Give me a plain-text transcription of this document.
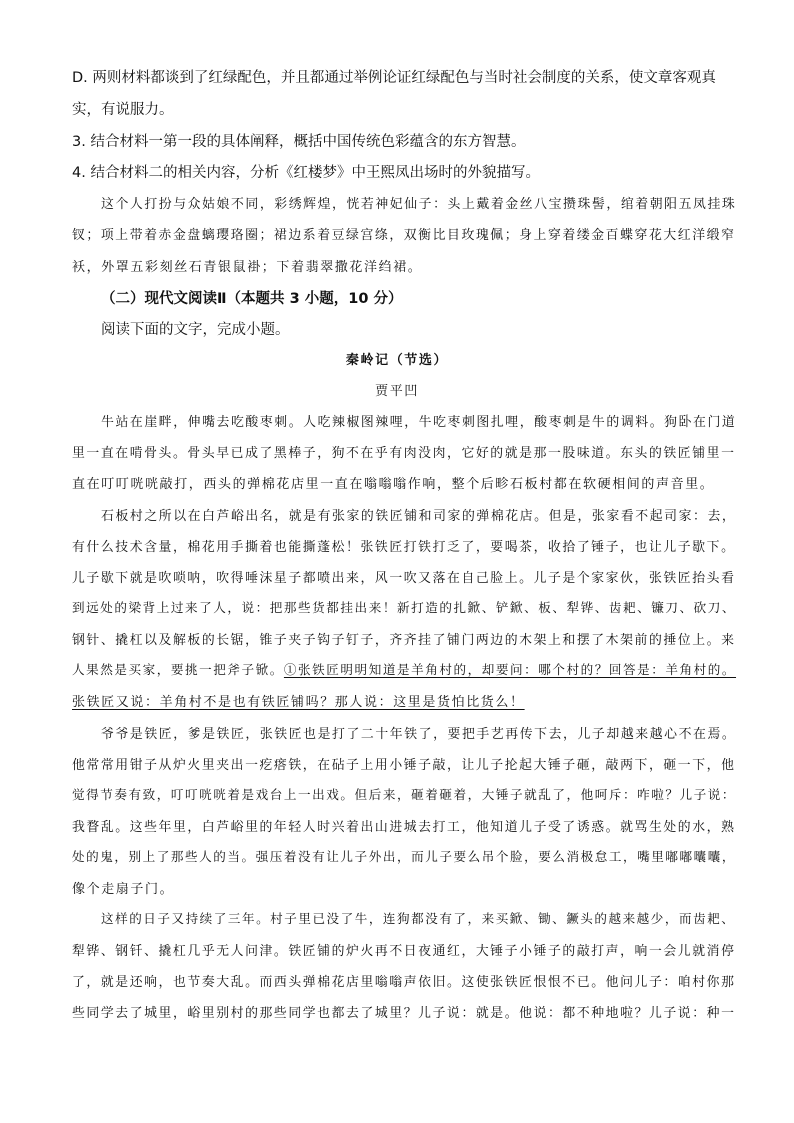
D. 两则材料都谈到了红绿配色，并且都通过举例论证红绿配色与当时社会制度的关系，使文章客观真
实，有说服力。
3. 结合材料一第一段的具体阐释，概括中国传统色彩蕴含的东方智慧。
4. 结合材料二的相关内容，分析《红楼梦》中王熙凤出场时的外貌描写。
这个人打扮与众姑娘不同，彩绣辉煌，恍若神妃仙子：头上戴着金丝八宝攒珠髻，绾着朝阳五凤挂珠
钗；项上带着赤金盘螭璎珞圈；裙边系着豆绿宫绦，双衡比目玫瑰佩；身上穿着缕金百蝶穿花大红洋缎窄
袄，外罩五彩刻丝石青银鼠褂；下着翡翠撒花洋绉裙。
（二）现代文阅读Ⅱ（本题共 3 小题，10 分）
阅读下面的文字，完成小题。
秦岭记（节选）
贾平凹
牛站在崖畔，伸嘴去吃酸枣刺。人吃辣椒图辣哩，牛吃枣刺图扎哩，酸枣刺是牛的调料。狗卧在门道
里一直在啃骨头。骨头早已成了黑棒子，狗不在乎有肉没肉，它好的就是那一股味道。东头的铁匠铺里一
直在叮叮咣咣敲打，西头的弹棉花店里一直在嗡嗡嗡作响，整个后畛石板村都在软硬相间的声音里。
石板村之所以在白芦峪出名，就是有张家的铁匠铺和司家的弹棉花店。但是，张家看不起司家：去，
有什么技术含量，棉花用手撕着也能撕蓬松！张铁匠打铁打乏了，要喝茶，收拾了锤子，也让儿子歇下。
儿子歇下就是吹唢呐，吹得唾沫星子都喷出来，风一吹又落在自己脸上。儿子是个家家伙，张铁匠抬头看
到远处的梁背上过来了人，说：把那些货都挂出来！新打造的扎鍁、铲鍁、板、犁铧、齿耙、镰刀、砍刀、
钢针、撬杠以及解板的长锯，锥子夹子钩子钉子，齐齐挂了铺门两边的木架上和摆了木架前的捶位上。来
人果然是买家，要挑一把斧子锨。①张铁匠明明知道是羊角村的，却要问：哪个村的？回答是：羊角村的。
张铁匠又说：羊角村不是也有铁匠铺吗？那人说：这里是货怕比货么！
爷爷是铁匠，爹是铁匠，张铁匠也是打了二十年铁了，要把手艺再传下去，儿子却越来越心不在焉。
他常常用钳子从炉火里夹出一疙瘩铁，在砧子上用小锤子敲，让儿子抡起大锤子砸，敲两下，砸一下，他
觉得节奏有致，叮叮咣咣着是戏台上一出戏。但后来，砸着砸着，大锤子就乱了，他呵斥：咋啦？儿子说：
我瞀乱。这些年里，白芦峪里的年轻人时兴着出山进城去打工，他知道儿子受了诱惑。就骂生处的水，熟
处的鬼，别上了那些人的当。强压着没有让儿子外出，而儿子要么吊个脸，要么消极怠工，嘴里嘟嘟囔囔，
像个走扇子门。
这样的日子又持续了三年。村子里已没了牛，连狗都没有了，来买鍁、锄、鐝头的越来越少，而齿耙、
犁铧、钢钎、撬杠几乎无人问津。铁匠铺的炉火再不日夜通红，大锤子小锤子的敲打声，响一会儿就消停
了，就是还响，也节奏大乱。而西头弹棉花店里嗡嗡声依旧。这使张铁匠恨恨不已。他问儿子：咱村你那
些同学去了城里，峪里别村的那些同学也都去了城里？儿子说：就是。他说：都不种地啦？儿子说：种一
